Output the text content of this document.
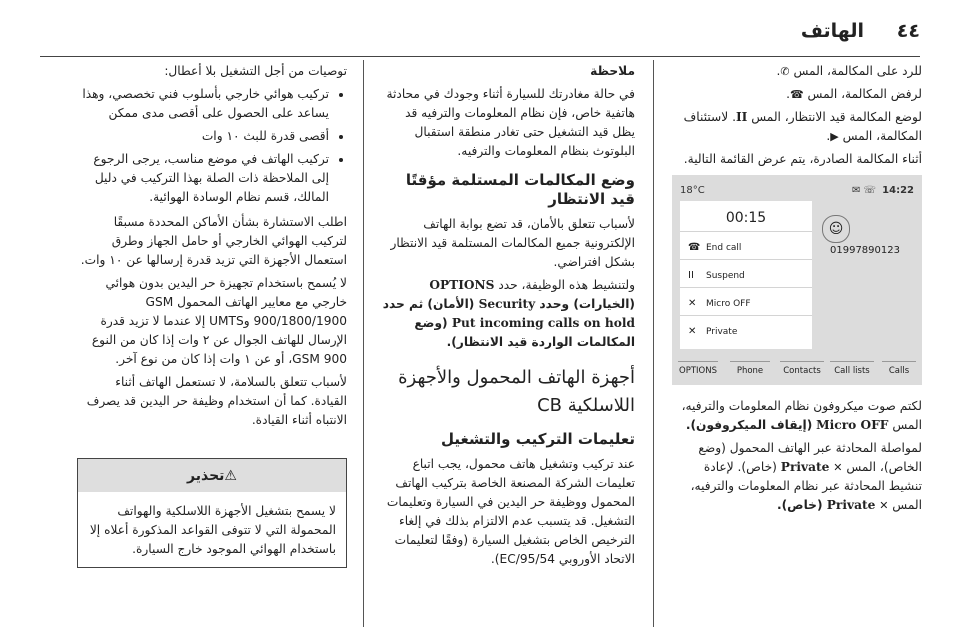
٤٤
الهاتف

للرد على المكالمة، المس ✆.

لرفض المكالمة، المس ☎.

لوضع المكالمة قيد الانتظار، المس II. لاستئناف المكالمة، المس ▶.

أثناء المكالمة الصادرة، يتم عرض القائمة التالية.

18°C	✉ ☏ 14:22
00:15
☎ End call
II Suspend
✕ Micro OFF
✕ Private
☺
01997890123
OPTIONS	Phone	Contacts	Call lists	Calls

لكتم صوت ميكروفون نظام المعلومات والترفيه، المس Micro OFF (إيقاف الميكروفون).

لمواصلة المحادثة عبر الهاتف المحمول (وضع الخاص)، المس ✕ Private (خاص). لإعادة تنشيط المحادثة عبر نظام المعلومات والترفيه، المس ✕ Private (خاص).

ملاحظة

في حالة مغادرتك للسيارة أثناء وجودك في محادثة هاتفية خاص، فإن نظام المعلومات والترفيه قد يظل قيد التشغيل حتى تغادر منطقة استقبال البلوتوث بنظام المعلومات والترفيه.

وضع المكالمات المستلمة مؤقتًا قيد الانتظار

لأسباب تتعلق بالأمان، قد تضع بوابة الهاتف الإلكترونية جميع المكالمات المستلمة قيد الانتظار بشكل افتراضي.

ولتنشيط هذه الوظيفة، حدد OPTIONS (الخيارات) وحدد Security (الأمان) ثم حدد Put incoming calls on hold (وضع المكالمات الواردة قيد الانتظار).

أجهزة الهاتف المحمول والأجهزة اللاسلكية CB
تعليمات التركيب والتشغيل

عند تركيب وتشغيل هاتف محمول، يجب اتباع تعليمات الشركة المصنعة الخاصة بتركيب الهاتف المحمول ووظيفة حر اليدين في السيارة وتعليمات التشغيل. قد يتسبب عدم الالتزام بذلك في إلغاء الترخيص الخاص بتشغيل السيارة (وفقًا لتعليمات الاتحاد الأوروبي 95/54/EC).

توصيات من أجل التشغيل بلا أعطال:

• تركيب هوائي خارجي بأسلوب فني تخصصي، وهذا يساعد على الحصول على أقصى مدى ممكن
• أقصى قدرة للبث ١٠ وات
• تركيب الهاتف في موضع مناسب، يرجى الرجوع إلى الملاحظة ذات الصلة بهذا التركيب في دليل المالك، قسم نظام الوسادة الهوائية.

اطلب الاستشارة بشأن الأماكن المحددة مسبقًا لتركيب الهوائي الخارجي أو حامل الجهاز وطرق استعمال الأجهزة التي تزيد قدرة إرسالها عن ١٠ وات.

لا يُسمح باستخدام تجهيزة حر اليدين بدون هوائي خارجي مع معايير الهاتف المحمول GSM 900/1800/1900 وUMTS إلا عندما لا تزيد قدرة الإرسال للهاتف الجوال عن ٢ وات إذا كان من النوع GSM 900، أو عن ١ وات إذا كان من نوع آخر.

لأسباب تتعلق بالسلامة، لا تستعمل الهاتف أثناء القيادة. كما أن استخدام وظيفة حر اليدين قد يصرف الانتباه أثناء القيادة.

⚠تحذير
لا يسمح بتشغيل الأجهزة اللاسلكية والهواتف المحمولة التي لا تتوفى القواعد المذكورة أعلاه إلا باستخدام الهوائي الموجود خارج السيارة.
